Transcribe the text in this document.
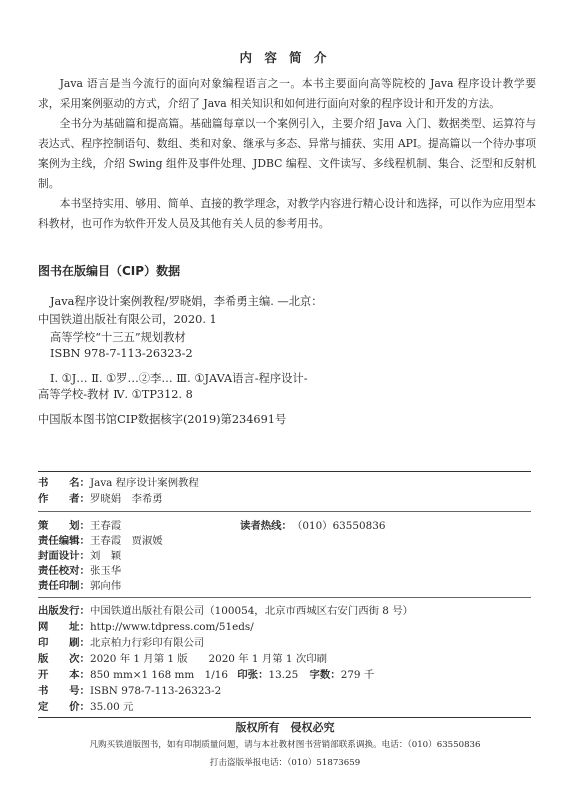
内 容 简 介
Java 语言是当今流行的面向对象编程语言之一。本书主要面向高等院校的 Java 程序设计教学要求，采用案例驱动的方式，介绍了 Java 相关知识和如何进行面向对象的程序设计和开发的方法。
全书分为基础篇和提高篇。基础篇每章以一个案例引入，主要介绍 Java 入门、数据类型、运算符与表达式、程序控制语句、数组、类和对象、继承与多态、异常与捕获、实用 API。提高篇以一个待办事项案例为主线，介绍 Swing 组件及事件处理、JDBC 编程、文件读写、多线程机制、集合、泛型和反射机制。
本书坚持实用、够用、简单、直接的教学理念，对教学内容进行精心设计和选择，可以作为应用型本科教材，也可作为软件开发人员及其他有关人员的参考用书。
图书在版编目（CIP）数据
Java程序设计案例教程/罗晓娟，李希勇主编. —北京：
中国铁道出版社有限公司，2020. 1
高等学校“十三五”规划教材
ISBN 978-7-113-26323-2
Ⅰ. ①J… Ⅱ. ①罗…②李… Ⅲ. ①JAVA语言-程序设计-
高等学校-教材 Ⅳ. ①TP312. 8
中国版本图书馆CIP数据核字(2019)第234691号
书　　名：Java 程序设计案例教程
作　　者：罗晓娟　李希勇
策　　划：王春霞	读者热线：（010）63550836
责任编辑：王春霞　贾淑媛
封面设计：刘　颖
责任校对：张玉华
责任印制：郭向伟
出版发行：中国铁道出版社有限公司（100054，北京市西城区右安门西街 8 号）
网　　址：http://www.tdpress.com/51eds/
印　　刷：北京柏力行彩印有限公司
版　　次：2020 年 1 月第 1 版　　2020 年 1 月第 1 次印刷
开　　本：850 mm×1 168 mm　1/16 印张：13.25 字数：279 千
书　　号：ISBN 978-7-113-26323-2
定　　价：35.00 元
版权所有　侵权必究
凡购买铁道版图书，如有印制质量问题，请与本社教材图书营销部联系调换。电话：（010）63550836
打击盗版举报电话：（010）51873659
